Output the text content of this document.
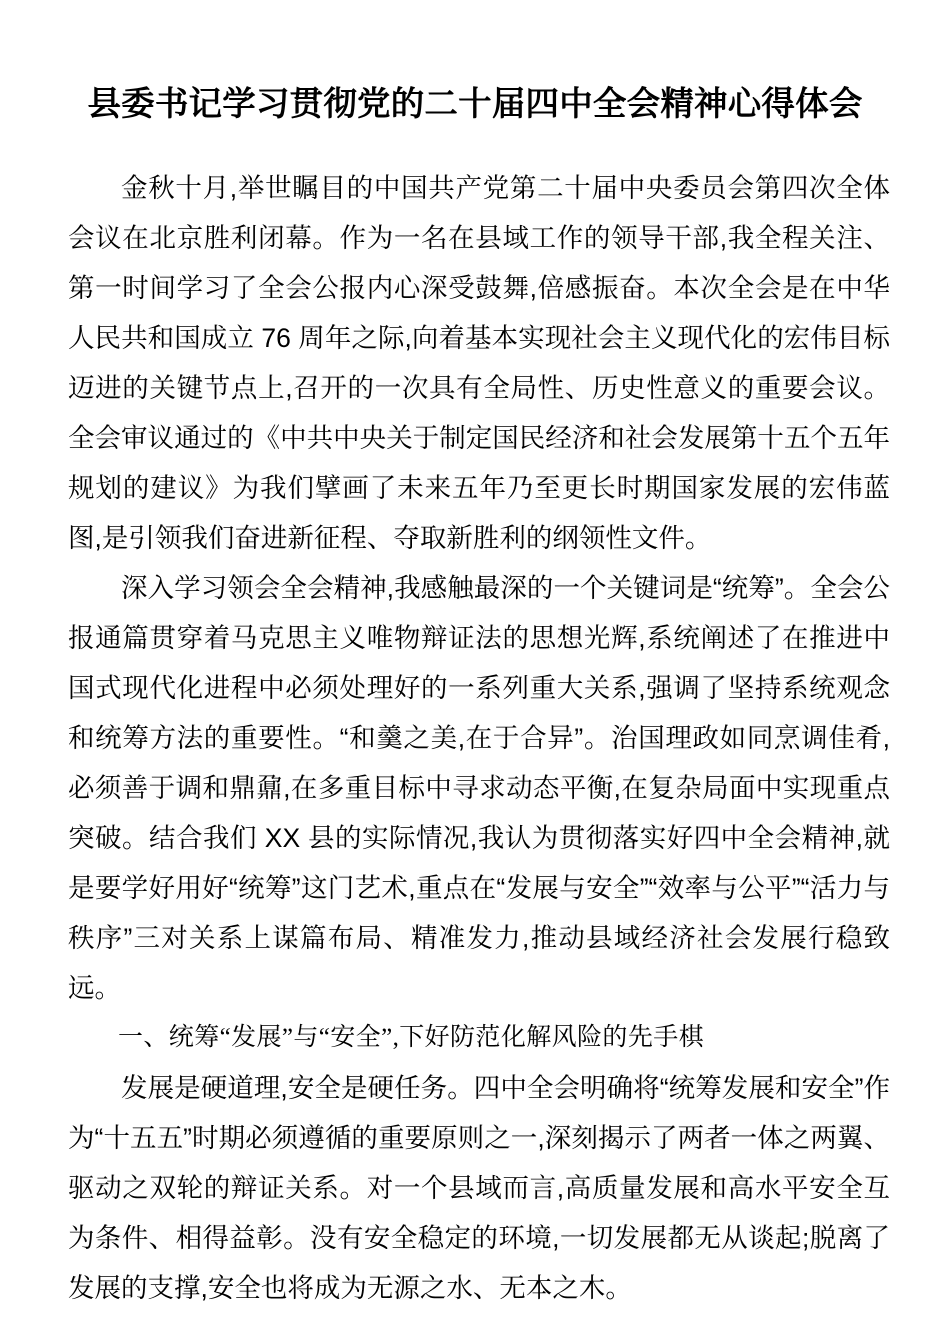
县委书记学习贯彻党的二十届四中全会精神心得体会

金秋十月,举世瞩目的中国共产党第二十届中央委员会第四次全体会议在北京胜利闭幕。作为一名在县域工作的领导干部,我全程关注、第一时间学习了全会公报内心深受鼓舞,倍感振奋。本次全会是在中华人民共和国成立 76 周年之际,向着基本实现社会主义现代化的宏伟目标迈进的关键节点上,召开的一次具有全局性、历史性意义的重要会议。全会审议通过的《中共中央关于制定国民经济和社会发展第十五个五年规划的建议》为我们擘画了未来五年乃至更长时期国家发展的宏伟蓝图,是引领我们奋进新征程、夺取新胜利的纲领性文件。

深入学习领会全会精神,我感触最深的一个关键词是“统筹”。全会公报通篇贯穿着马克思主义唯物辩证法的思想光辉,系统阐述了在推进中国式现代化进程中必须处理好的一系列重大关系,强调了坚持系统观念和统筹方法的重要性。“和羹之美,在于合异”。治国理政如同烹调佳肴,必须善于调和鼎鼐,在多重目标中寻求动态平衡,在复杂局面中实现重点突破。结合我们 XX 县的实际情况,我认为贯彻落实好四中全会精神,就是要学好用好“统筹”这门艺术,重点在“发展与安全”“效率与公平”“活力与秩序”三对关系上谋篇布局、精准发力,推动县域经济社会发展行稳致远。

一、统筹“发展”与“安全”,下好防范化解风险的先手棋

发展是硬道理,安全是硬任务。四中全会明确将“统筹发展和安全”作为“十五五”时期必须遵循的重要原则之一,深刻揭示了两者一体之两翼、驱动之双轮的辩证关系。对一个县域而言,高质量发展和高水平安全互为条件、相得益彰。没有安全稳定的环境,一切发展都无从谈起;脱离了发展的支撑,安全也将成为无源之水、无本之木。
